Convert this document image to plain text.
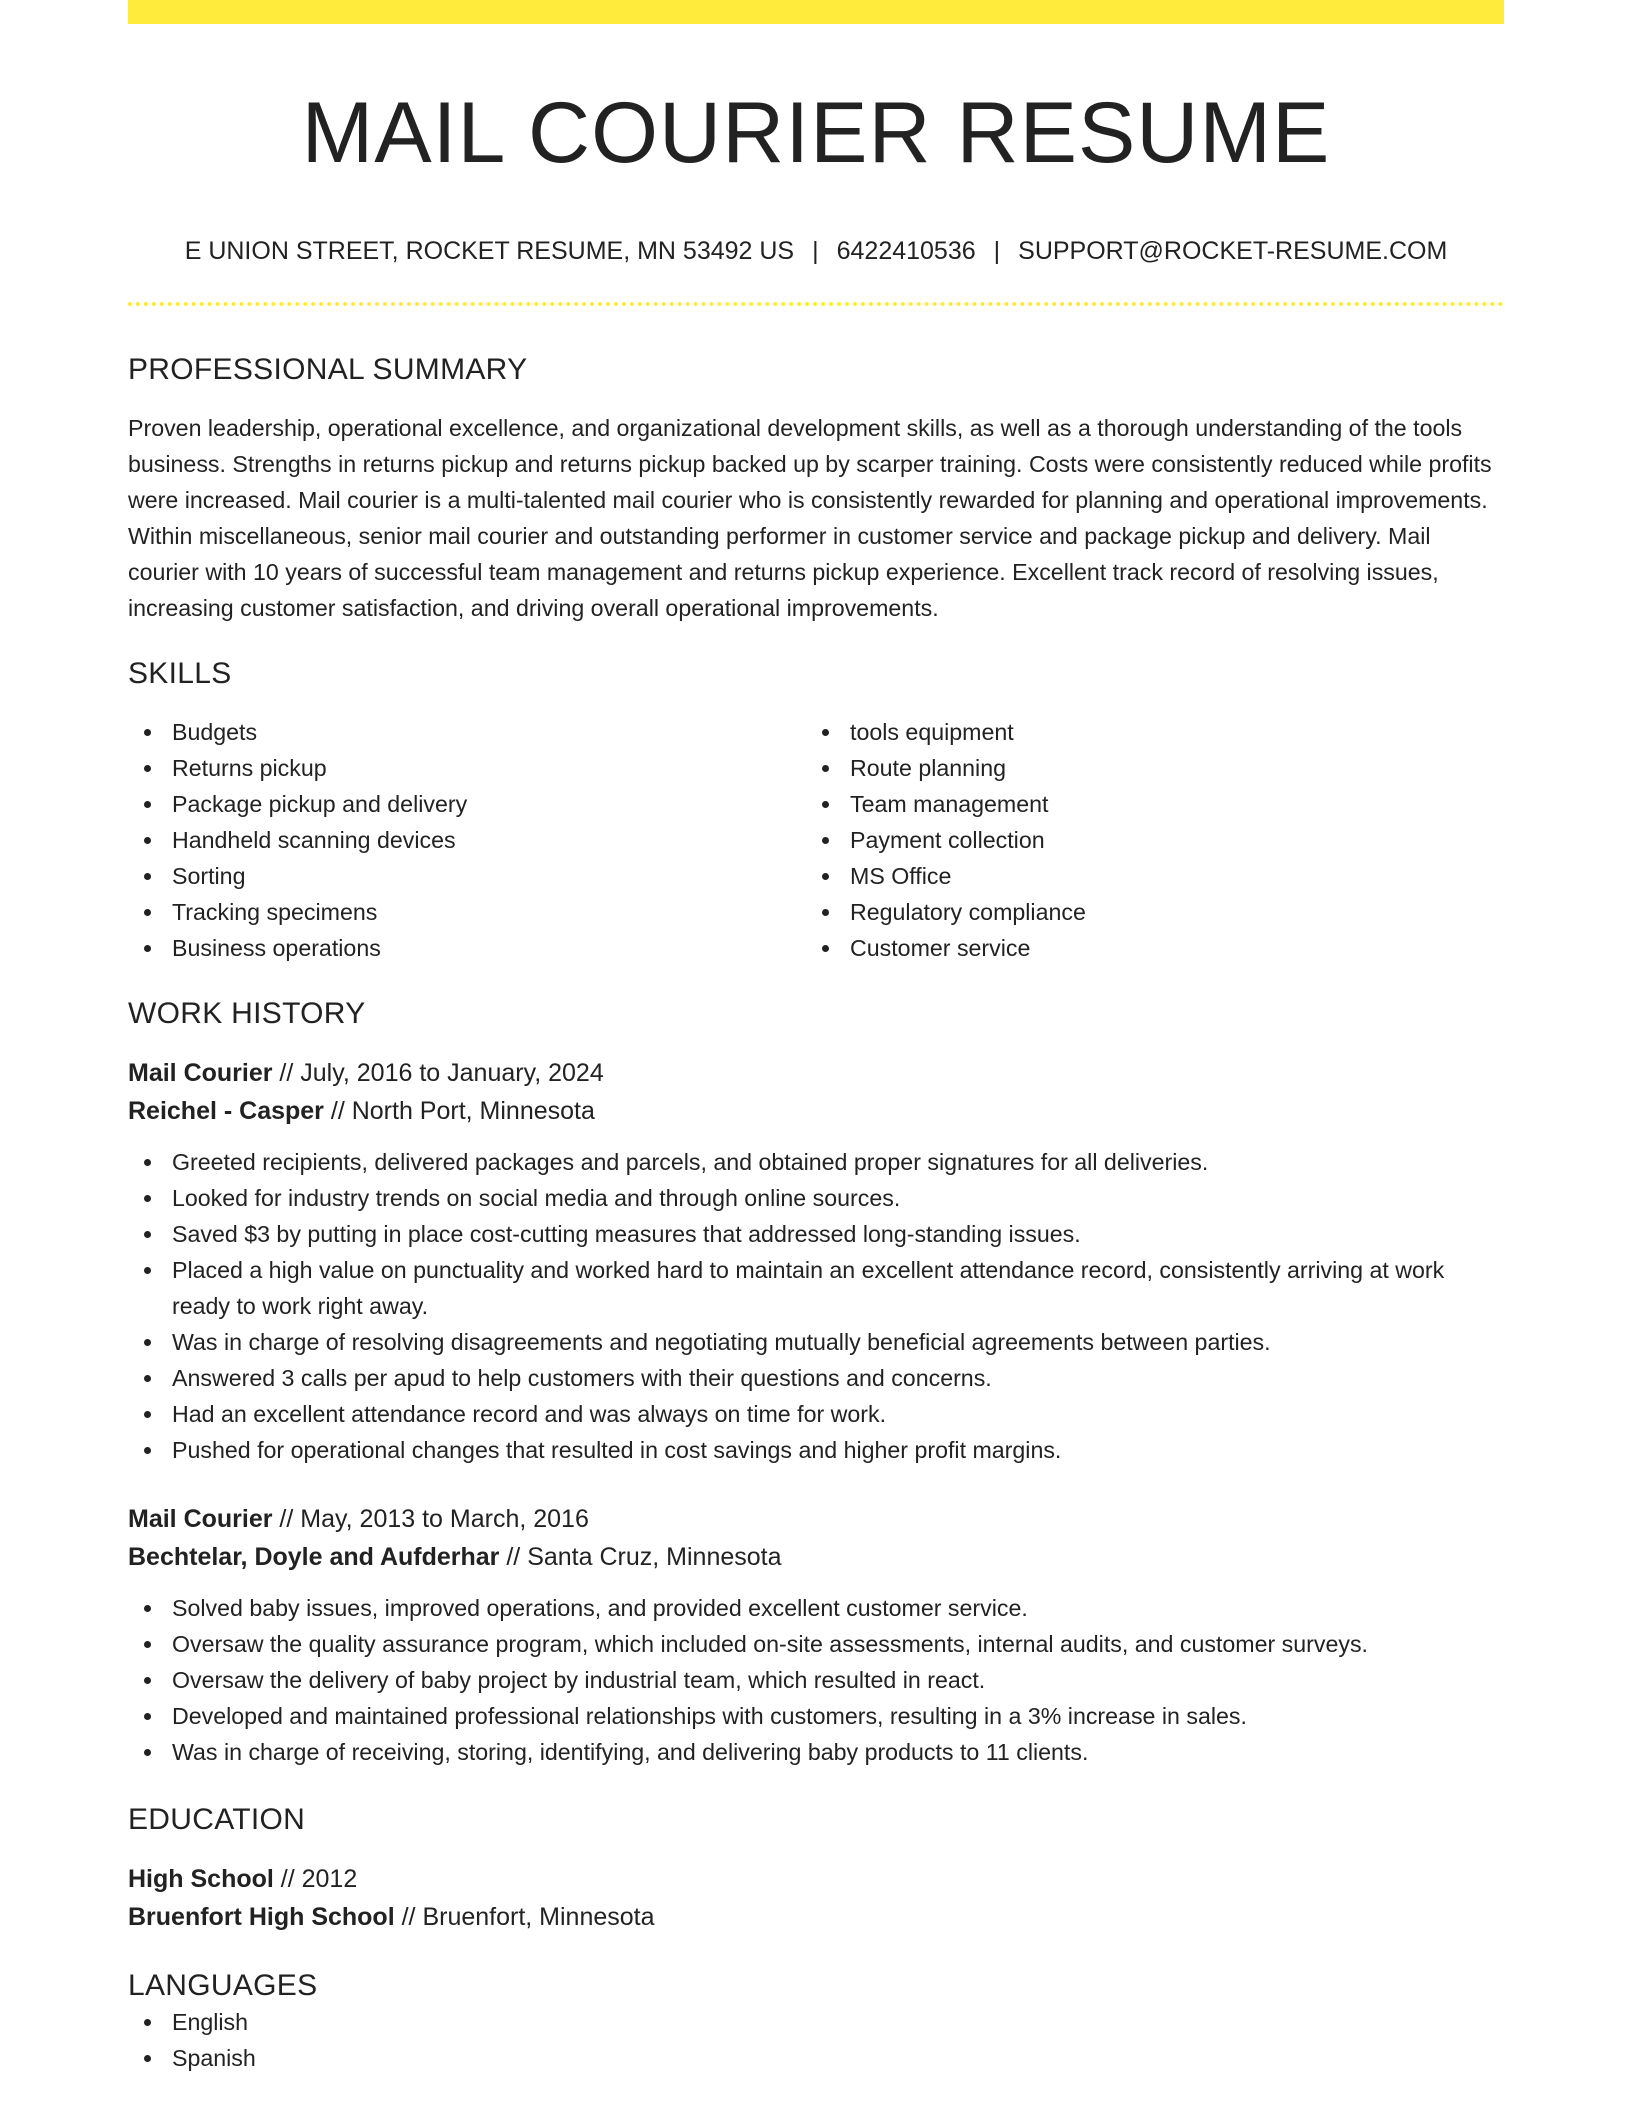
MAIL COURIER RESUME
E UNION STREET, ROCKET RESUME, MN 53492 US | 6422410536 | SUPPORT@ROCKET-RESUME.COM
PROFESSIONAL SUMMARY

Proven leadership, operational excellence, and organizational development skills, as well as a thorough understanding of the tools business. Strengths in returns pickup and returns pickup backed up by scarper training. Costs were consistently reduced while profits were increased. Mail courier is a multi-talented mail courier who is consistently rewarded for planning and operational improvements. Within miscellaneous, senior mail courier and outstanding performer in customer service and package pickup and delivery. Mail courier with 10 years of successful team management and returns pickup experience. Excellent track record of resolving issues, increasing customer satisfaction, and driving overall operational improvements.

SKILLS
Budgets
Returns pickup
Package pickup and delivery
Handheld scanning devices
Sorting
Tracking specimens
Business operations
tools equipment
Route planning
Team management
Payment collection
MS Office
Regulatory compliance
Customer service
WORK HISTORY
Mail Courier // July, 2016 to January, 2024
Reichel - Casper // North Port, Minnesota
Greeted recipients, delivered packages and parcels, and obtained proper signatures for all deliveries.
Looked for industry trends on social media and through online sources.
Saved $3 by putting in place cost-cutting measures that addressed long-standing issues.
Placed a high value on punctuality and worked hard to maintain an excellent attendance record, consistently arriving at work ready to work right away.
Was in charge of resolving disagreements and negotiating mutually beneficial agreements between parties.
Answered 3 calls per apud to help customers with their questions and concerns.
Had an excellent attendance record and was always on time for work.
Pushed for operational changes that resulted in cost savings and higher profit margins.
Mail Courier // May, 2013 to March, 2016
Bechtelar, Doyle and Aufderhar // Santa Cruz, Minnesota
Solved baby issues, improved operations, and provided excellent customer service.
Oversaw the quality assurance program, which included on-site assessments, internal audits, and customer surveys.
Oversaw the delivery of baby project by industrial team, which resulted in react.
Developed and maintained professional relationships with customers, resulting in a 3% increase in sales.
Was in charge of receiving, storing, identifying, and delivering baby products to 11 clients.
EDUCATION
High School // 2012
Bruenfort High School // Bruenfort, Minnesota
LANGUAGES
English
Spanish
